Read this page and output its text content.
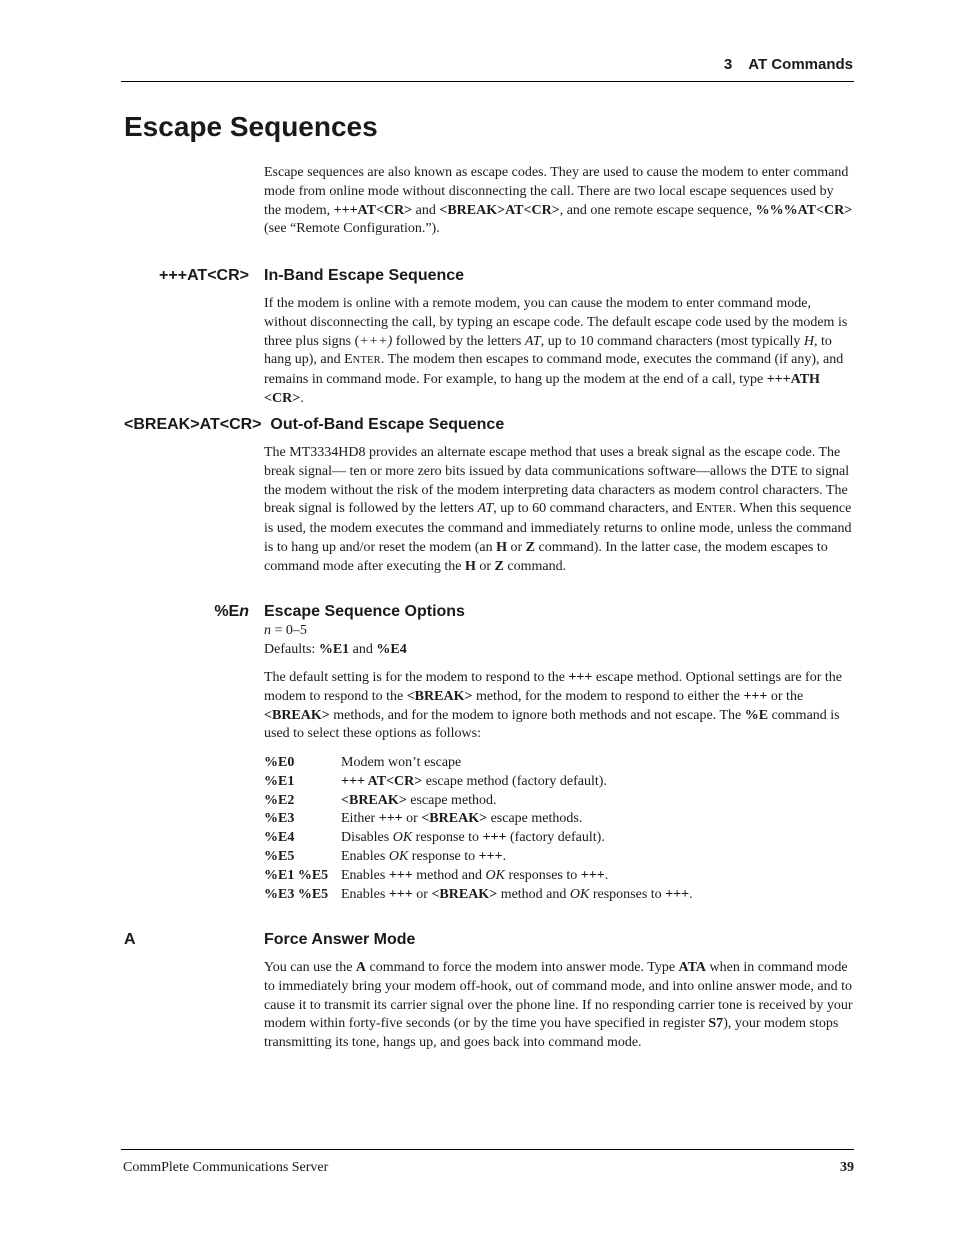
3    AT Commands
Escape Sequences

Escape sequences are also known as escape codes. They are used to cause the modem to enter command mode from online mode without disconnecting the call. There are two local escape sequences used by the modem, +++AT<CR> and <BREAK>AT<CR>, and one remote escape sequence, %%%AT<CR> (see “Remote Configuration.”).

+++AT<CR> In-Band Escape Sequence

If the modem is online with a remote modem, you can cause the modem to enter command mode, without disconnecting the call, by typing an escape code. The default escape code used by the modem is three plus signs (+++) followed by the letters AT, up to 10 command characters (most typically H, to hang up), and ENTER. The modem then escapes to command mode, executes the command (if any), and remains in command mode. For example, to hang up the modem at the end of a call, type +++ATH <CR>.

<BREAK>AT<CR>  Out-of-Band Escape Sequence

The MT3334HD8 provides an alternate escape method that uses a break signal as the escape code. The break signal— ten or more zero bits issued by data communications software—allows the DTE to signal the modem without the risk of the modem interpreting data characters as modem control characters. The break signal is followed by the letters AT, up to 60 command characters, and ENTER. When this sequence is used, the modem executes the command and immediately returns to online mode, unless the command is to hang up and/or reset the modem (an H or Z command). In the latter case, the modem escapes to command mode after executing the H or Z command.

%En Escape Sequence Options

n = 0–5

Defaults: %E1 and %E4

The default setting is for the modem to respond to the +++ escape method. Optional settings are for the modem to respond to the <BREAK> method, for the modem to respond to either the +++ or the <BREAK> methods, and for the modem to ignore both methods and not escape. The %E command is used to select these options as follows:

%E0	Modem won’t escape
%E1	+++ AT<CR> escape method (factory default).
%E2	<BREAK> escape method.
%E3	Either +++ or <BREAK> escape methods.
%E4	Disables OK response to +++ (factory default).
%E5	Enables OK response to +++.
%E1 %E5 Enables +++ method and OK responses to +++.
%E3 %E5 Enables +++ or <BREAK> method and OK responses to +++.
A	Force Answer Mode

You can use the A command to force the modem into answer mode. Type ATA when in command mode to immediately bring your modem off-hook, out of command mode, and into online answer mode, and to cause it to transmit its carrier signal over the phone line. If no responding carrier tone is received by your modem within forty-five seconds (or by the time you have specified in register S7), your modem stops transmitting its tone, hangs up, and goes back into command mode.

CommPlete Communications Server	39
